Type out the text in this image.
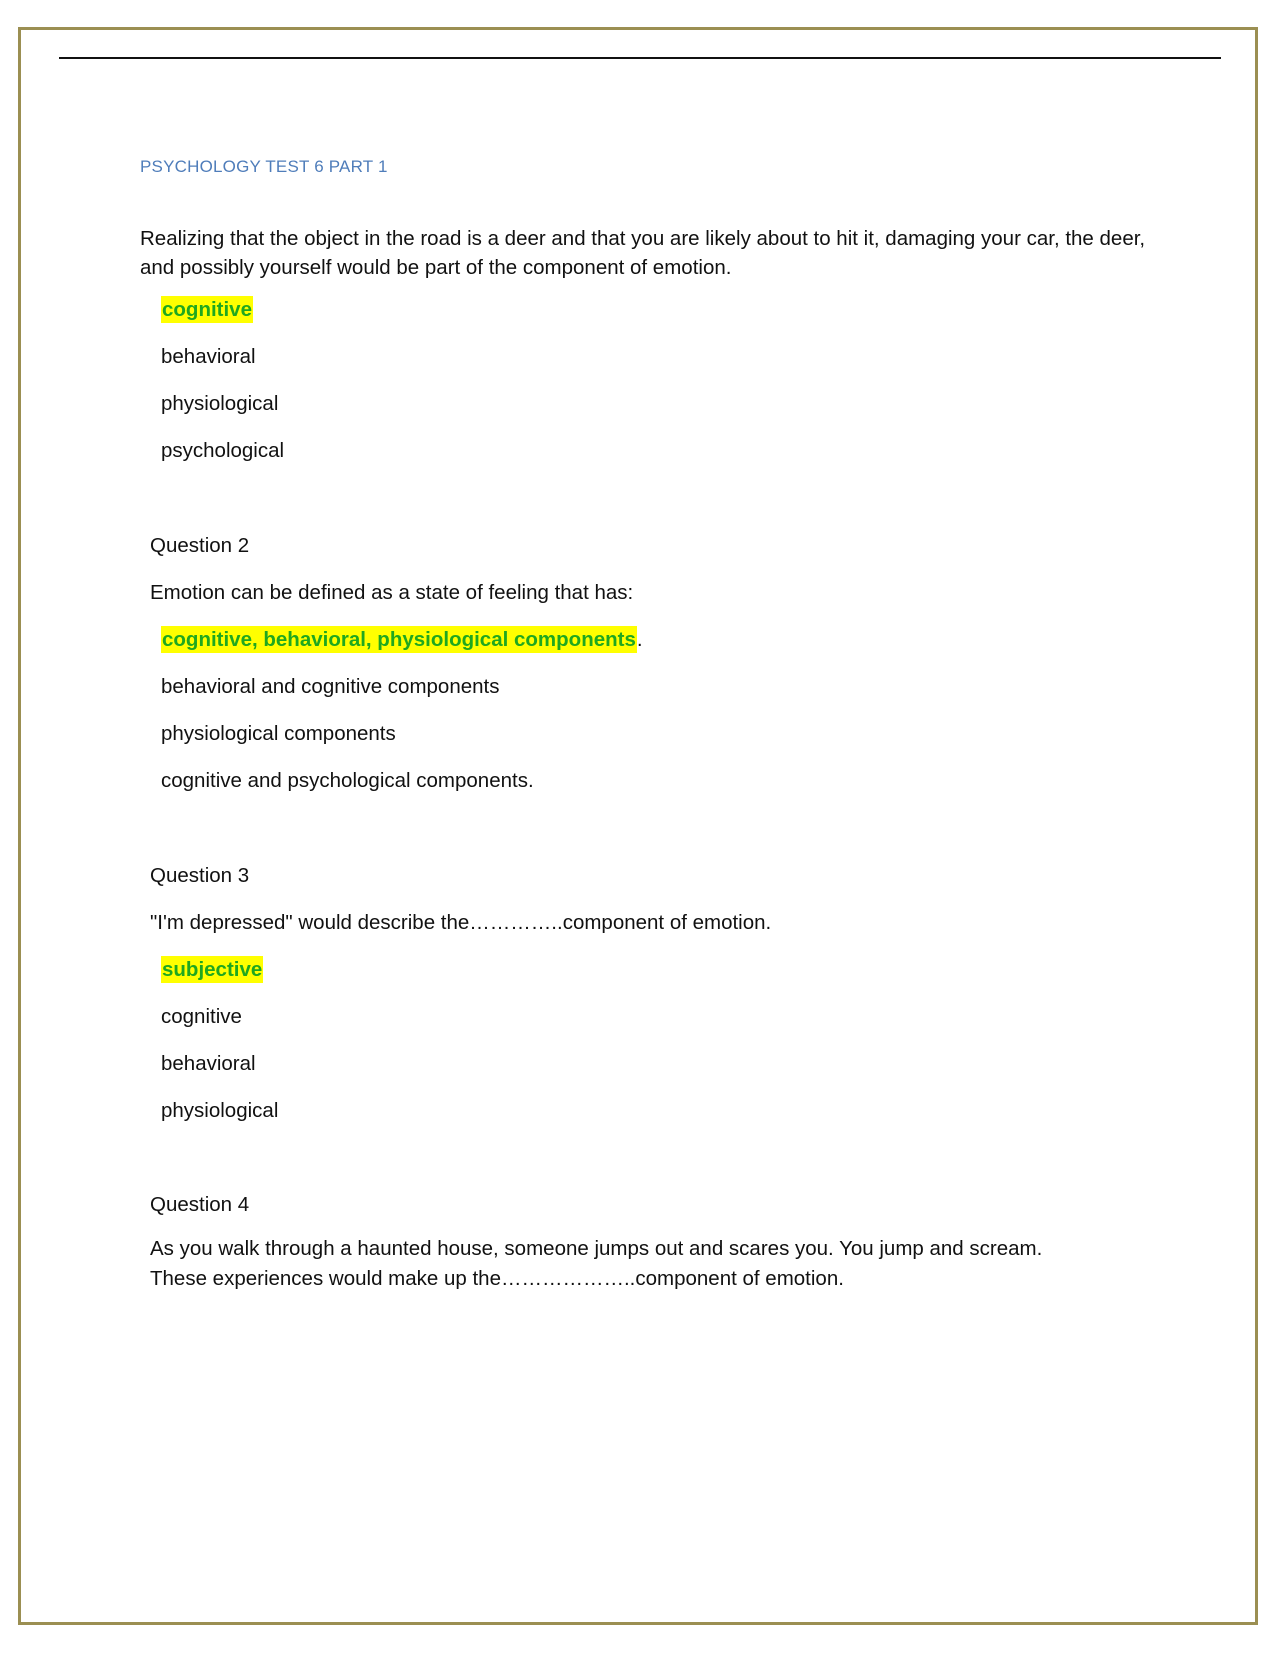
PSYCHOLOGY TEST 6 PART 1
Realizing that the object in the road is a deer and that you are likely about to hit it, damaging your car, the deer, and possibly yourself would be part of the component of emotion.
cognitive
behavioral
physiological
psychological
Question 2
Emotion can be defined as a state of feeling that has:
cognitive, behavioral, physiological components.
behavioral and cognitive components
physiological components
cognitive and psychological components.
Question 3
"I'm depressed" would describe the…………..component of emotion.
subjective
cognitive
behavioral
physiological
Question 4
As you walk through a haunted house, someone jumps out and scares you. You jump and scream.
These experiences would make up the………………..component of emotion.
